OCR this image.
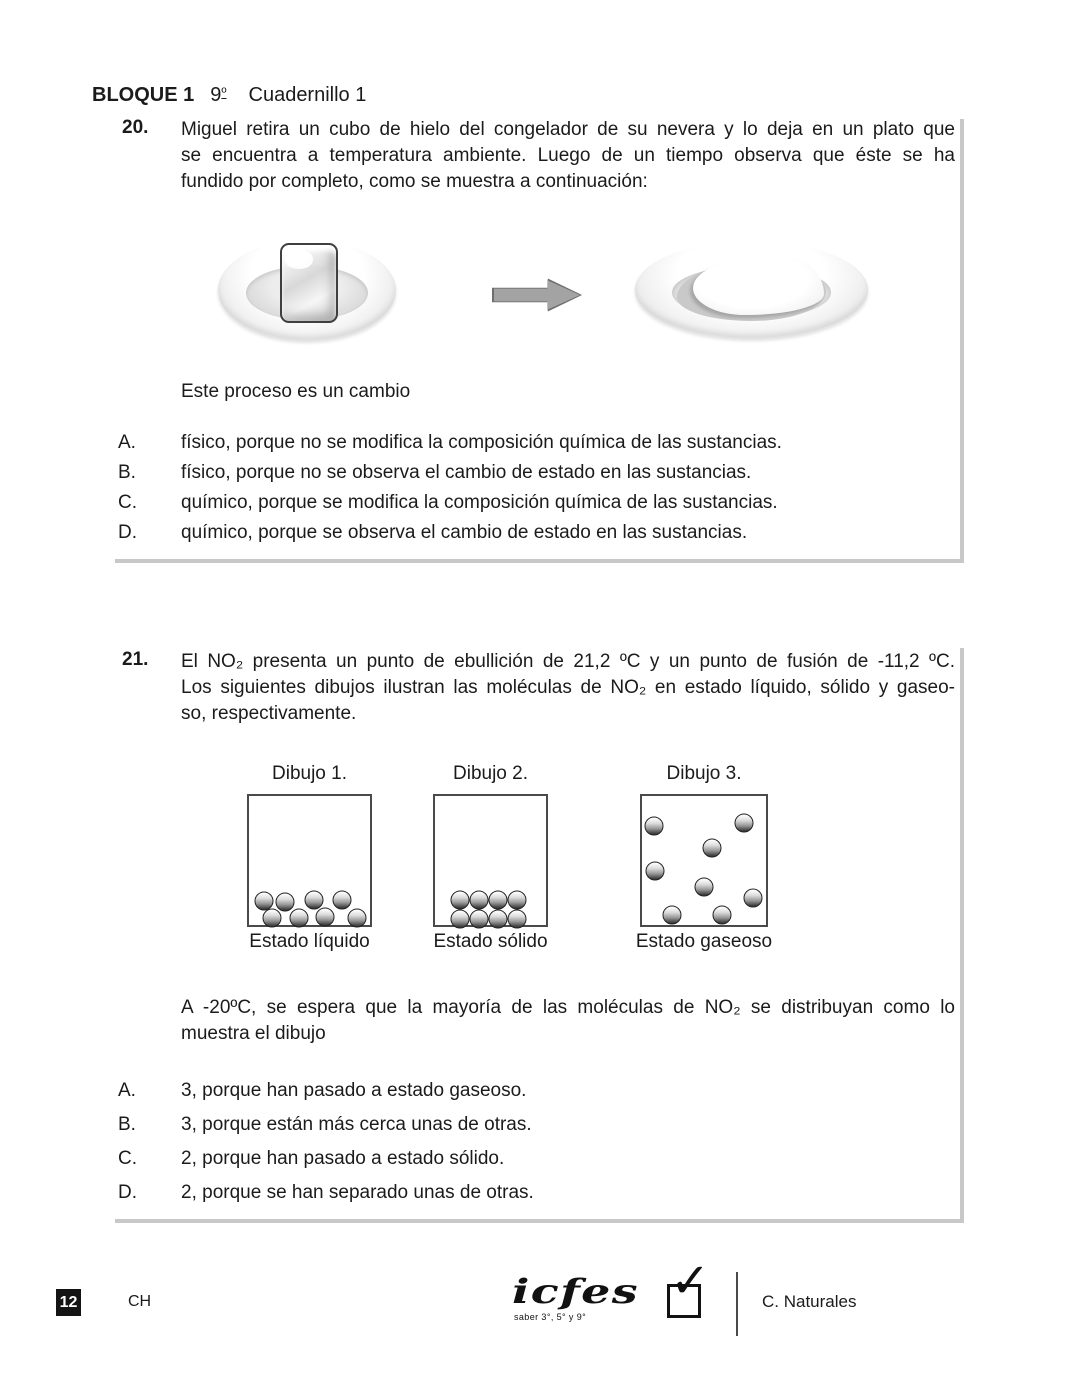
BLOQUE 1 $9^º$ Cuadernillo 1
20. Miguel retira un cubo de hielo del congelador de su nevera y lo deja en un plato que
se encuentra a temperatura ambiente. Luego de un tiempo observa que éste se ha
fundido por completo, como se muestra a continuación:
Este proceso es un cambio
A.	físico, porque no se modifica la composición química de las sustancias.
B.	físico, porque no se observa el cambio de estado en las sustancias.
C.	químico, porque se modifica la composición química de las sustancias.
D.	químico, porque se observa el cambio de estado en las sustancias.
21. El NO₂ presenta un punto de ebullición de 21,2 ºC y un punto de fusión de -11,2 ºC.
Los siguientes dibujos ilustran las moléculas de NO₂ en estado líquido, sólido y gaseo-
so, respectivamente.
Dibujo 1.
Estado líquido
Dibujo 2.
Estado sólido
Dibujo 3.
Estado gaseoso
A -20ºC, se espera que la mayoría de las moléculas de NO₂ se distribuyan como lo
muestra el dibujo
A.	3, porque han pasado a estado gaseoso.
B.	3, porque están más cerca unas de otras.
C.	2, porque han pasado a estado sólido.
D.	2, porque se han separado unas de otras.
12	CH	icfes ✓
saber 3°, 5° y 9°
C. Naturales
